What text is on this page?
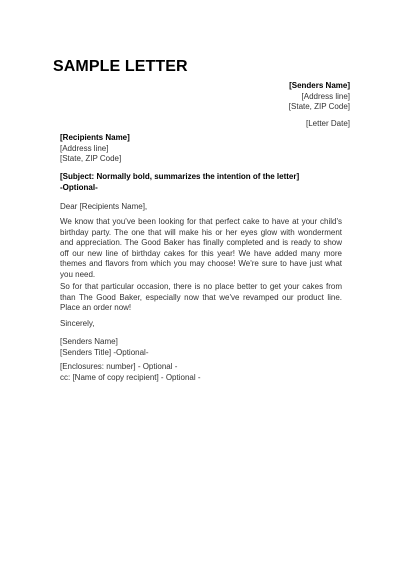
SAMPLE LETTER
[Senders Name]
[Address line]
[State, ZIP Code]
[Letter Date]
[Recipients Name]
[Address line]
[State, ZIP Code]
[Subject: Normally bold, summarizes the intention of the letter]
-Optional-
Dear [Recipients Name],
We know that you've been looking for that perfect cake to have at your child's birthday party. The one that will make his or her eyes glow with wonderment and appreciation. The Good Baker has finally completed and is ready to show off our new line of birthday cakes for this year! We have added many more themes and flavors from which you may choose! We're sure to have just what you need.
So for that particular occasion, there is no place better to get your cakes from than The Good Baker, especially now that we've revamped our product line. Place an order now!
Sincerely,
[Senders Name]
[Senders Title] -Optional-
[Enclosures: number] - Optional -
cc: [Name of copy recipient] - Optional -
